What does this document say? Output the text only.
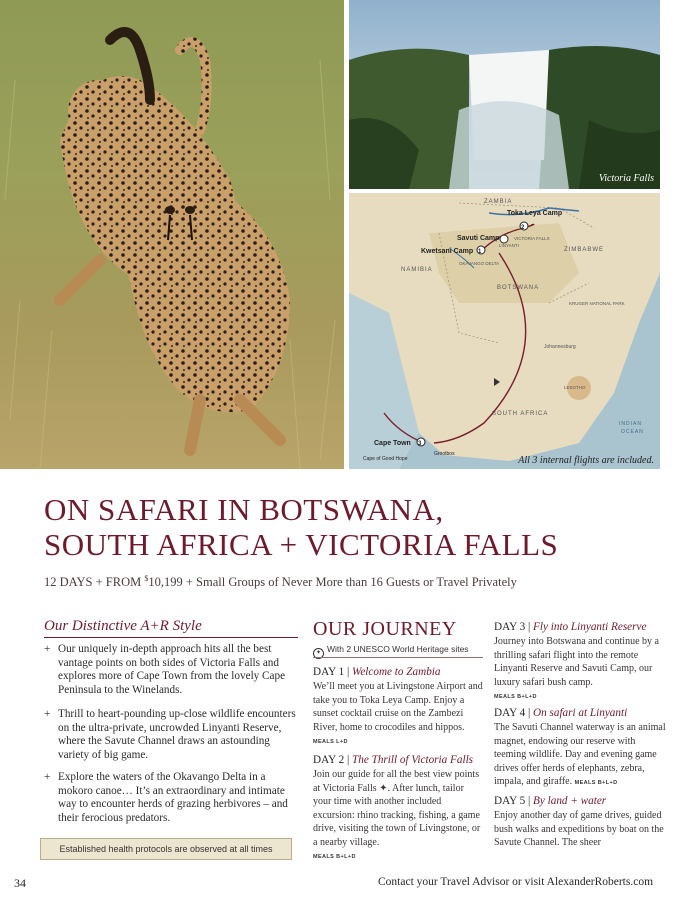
Victoria Falls
1
2
3
ZAMBIA
Toka Leya Camp
Savuti Camp
Kwetsani Camp
VICTORIA FALLS
LINYANTI
OKAVANGO DELTA
ZIMBABWE
NAMIBIA
BOTSWANA
KRUGER NATIONAL PARK
Johannesburg
LESOTHO
SOUTH AFRICA
INDIAN
OCEAN
Cape Town
Cape of Good Hope
Grootbos
All 3 internal flights are included.
ON SAFARI IN BOTSWANA,
SOUTH AFRICA + VICTORIA FALLS
12 DAYS + FROM $10,199 + Small Groups of Never More than 16 Guests or Travel Privately
Our Distinctive A+R Style
+ Our uniquely in-depth approach hits all the best vantage points on both sides of Victoria Falls and explores more of Cape Town from the lovely Cape Peninsula to the Winelands.
+ Thrill to heart-pounding up-close wildlife encounters on the ultra-private, uncrowded Linyanti Reserve, where the Savute Channel draws an astounding variety of big game.
+ Explore the waters of the Okavango Delta in a mokoro canoe… It’s an extraordinary and intimate way to encounter herds of grazing herbivores – and their ferocious predators.
Established health protocols are observed at all times
OUR JOURNEY
✦ With 2 UNESCO World Heritage sites
DAY 1 | Welcome to Zambia
We’ll meet you at Livingstone Airport and take you to Toka Leya Camp. Enjoy a sunset cocktail cruise on the Zambezi River, home to crocodiles and hippos. MEALS L+D
DAY 2 | The Thrill of Victoria Falls
Join our guide for all the best view points at Victoria Falls ✦. After lunch, tailor your time with another included excursion: rhino tracking, fishing, a game drive, visiting the town of Livingstone, or a nearby village.
MEALS B+L+D
DAY 3 | Fly into Linyanti Reserve
Journey into Botswana and continue by a thrilling safari flight into the remote Linyanti Reserve and Savuti Camp, our luxury safari bush camp.
MEALS B+L+D
DAY 4 | On safari at Linyanti
The Savuti Channel waterway is an animal magnet, endowing our reserve with teeming wildlife. Day and evening game drives offer herds of elephants, zebra, impala, and giraffe. MEALS B+L+D
DAY 5 | By land + water
Enjoy another day of game drives, guided bush walks and expeditions by boat on the Savute Channel. The sheer
34	Contact your Travel Advisor or visit AlexanderRoberts.com
